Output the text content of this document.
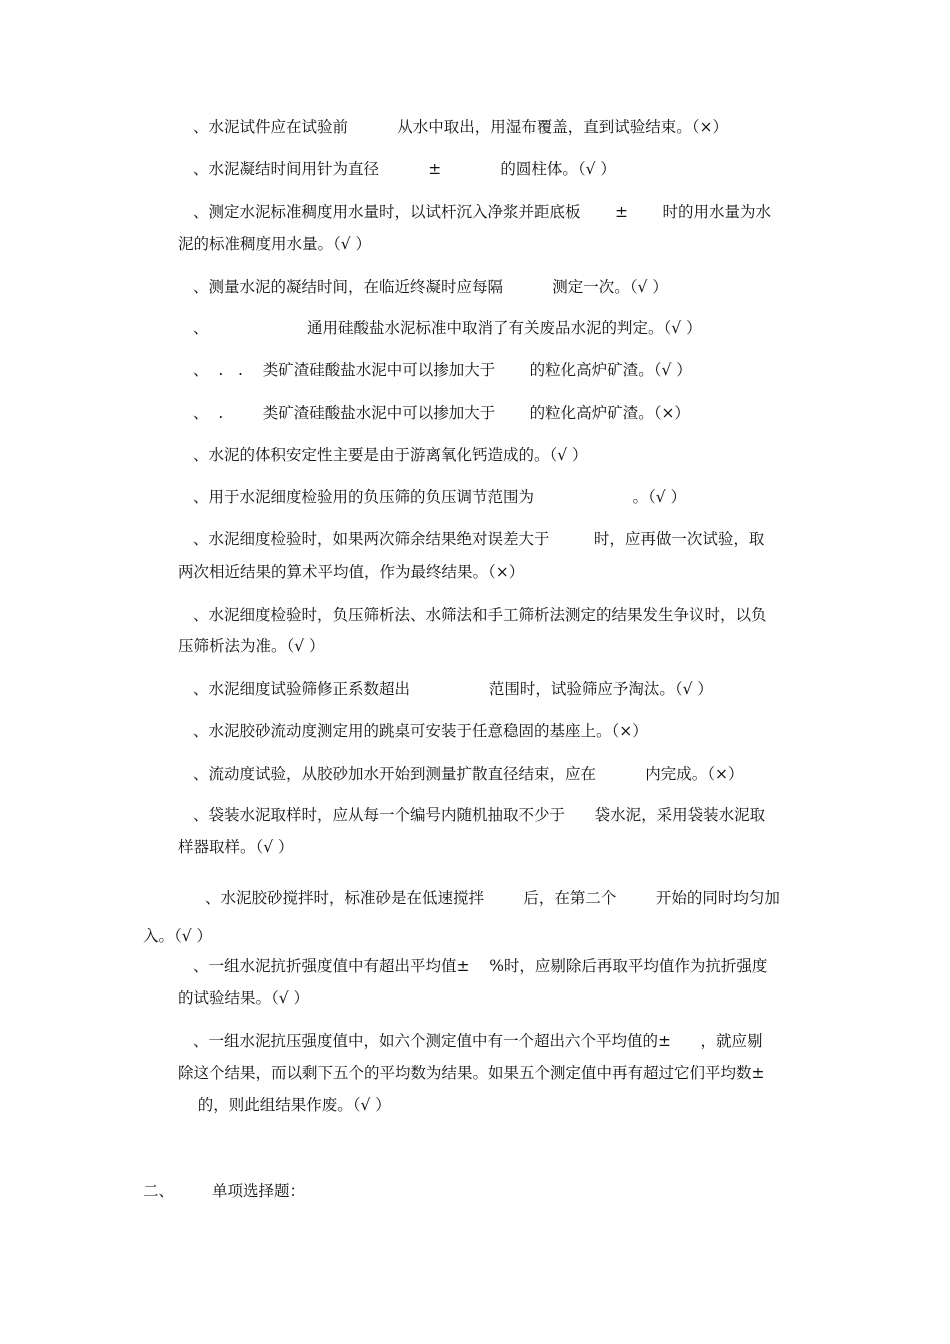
、水泥试件应在试验前          从水中取出，用湿布覆盖，直到试验结束。（×）
、水泥凝结时间用针为直径          ±            的圆柱体。（√ ）
、测定水泥标准稠度用水量时，以试杆沉入净浆并距底板       ±       时的用水量为水
泥的标准稠度用水量。（√ ）
、测量水泥的凝结时间，在临近终凝时应每隔          测定一次。（√ ）
、                    通用硅酸盐水泥标准中取消了有关废品水泥的判定。（√ ）
、  .   .    类矿渣硅酸盐水泥中可以掺加大于       的粒化高炉矿渣。（√ ）
、  .        类矿渣硅酸盐水泥中可以掺加大于       的粒化高炉矿渣。（×）
、水泥的体积安定性主要是由于游离氧化钙造成的。（√ ）
、用于水泥细度检验用的负压筛的负压调节范围为                    。（√ ）
、水泥细度检验时，如果两次筛余结果绝对误差大于         时，应再做一次试验，取
两次相近结果的算术平均值，作为最终结果。（×）
、水泥细度检验时，负压筛析法、水筛法和手工筛析法测定的结果发生争议时，以负
压筛析法为准。（√ ）
、水泥细度试验筛修正系数超出                范围时，试验筛应予淘汰。（√ ）
、水泥胶砂流动度测定用的跳桌可安装于任意稳固的基座上。（×）
、流动度试验，从胶砂加水开始到测量扩散直径结束，应在          内完成。（×）
、袋装水泥取样时，应从每一个编号内随机抽取不少于      袋水泥，采用袋装水泥取
样器取样。（√ ）
、水泥胶砂搅拌时，标准砂是在低速搅拌        后，在第二个        开始的同时均匀加
入。（√ ）
、一组水泥抗折强度值中有超出平均值±    %时，应剔除后再取平均值作为抗折强度
的试验结果。（√ ）
、一组水泥抗压强度值中，如六个测定值中有一个超出六个平均值的±      ，就应剔
除这个结果，而以剩下五个的平均数为结果。如果五个测定值中再有超过它们平均数±
的，则此组结果作废。（√ ）
二、 单项选择题：
